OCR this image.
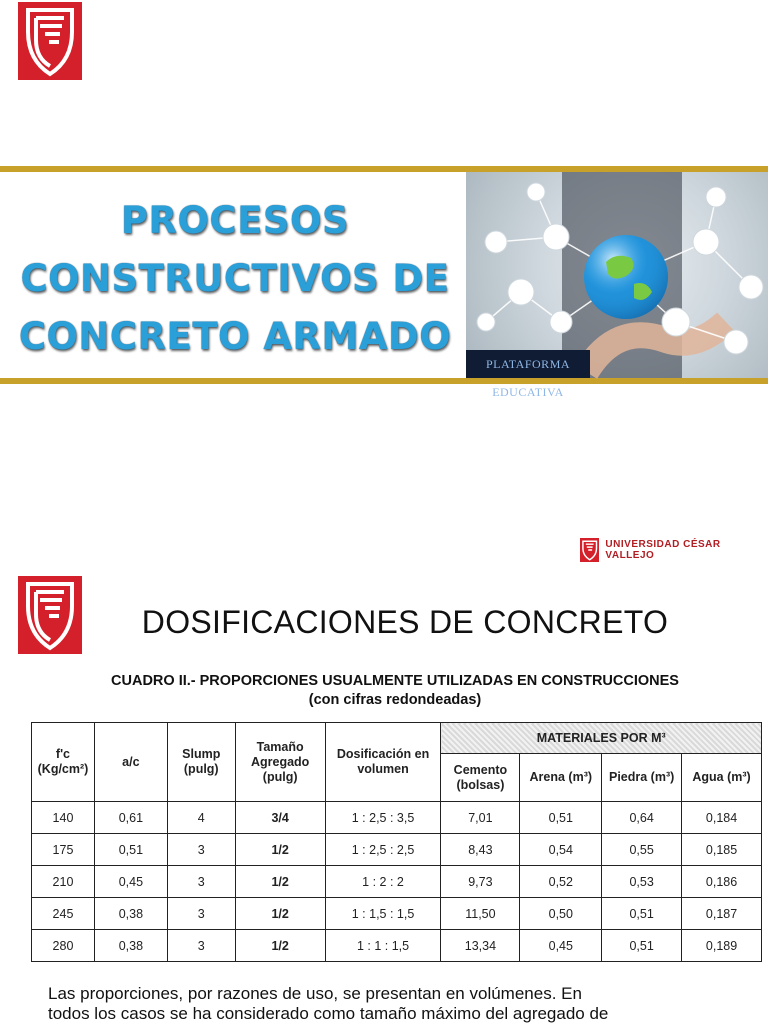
PROCESOS
CONSTRUCTIVOS DE
CONCRETO ARMADO
PLATAFORMA EDUCATIVA
UNIVERSIDAD CÉSAR VALLEJO
DOSIFICACIONES DE CONCRETO
CUADRO II.- PROPORCIONES USUALMENTE UTILIZADAS EN CONSTRUCCIONES
(con cifras redondeadas)
f'c (Kg/cm²)	a/c	Slump (pulg)	Tamaño Agregado (pulg)	Dosificación en volumen	MATERIALES POR M³			
					Cemento (bolsas)	Arena (m³)	Piedra (m³)	Agua (m³)
140	0,61	4	3/4	1 : 2,5 : 3,5	7,01	0,51	0,64	0,184
175	0,51	3	1/2	1 : 2,5 : 2,5	8,43	0,54	0,55	0,185
210	0,45	3	1/2	1 : 2 : 2	9,73	0,52	0,53	0,186
245	0,38	3	1/2	1 : 1,5 : 1,5	11,50	0,50	0,51	0,187
280	0,38	3	1/2	1 : 1 : 1,5	13,34	0,45	0,51	0,189
Las proporciones, por razones de uso, se presentan en volúmenes. En
todos los casos se ha considerado como tamaño máximo del agregado de
